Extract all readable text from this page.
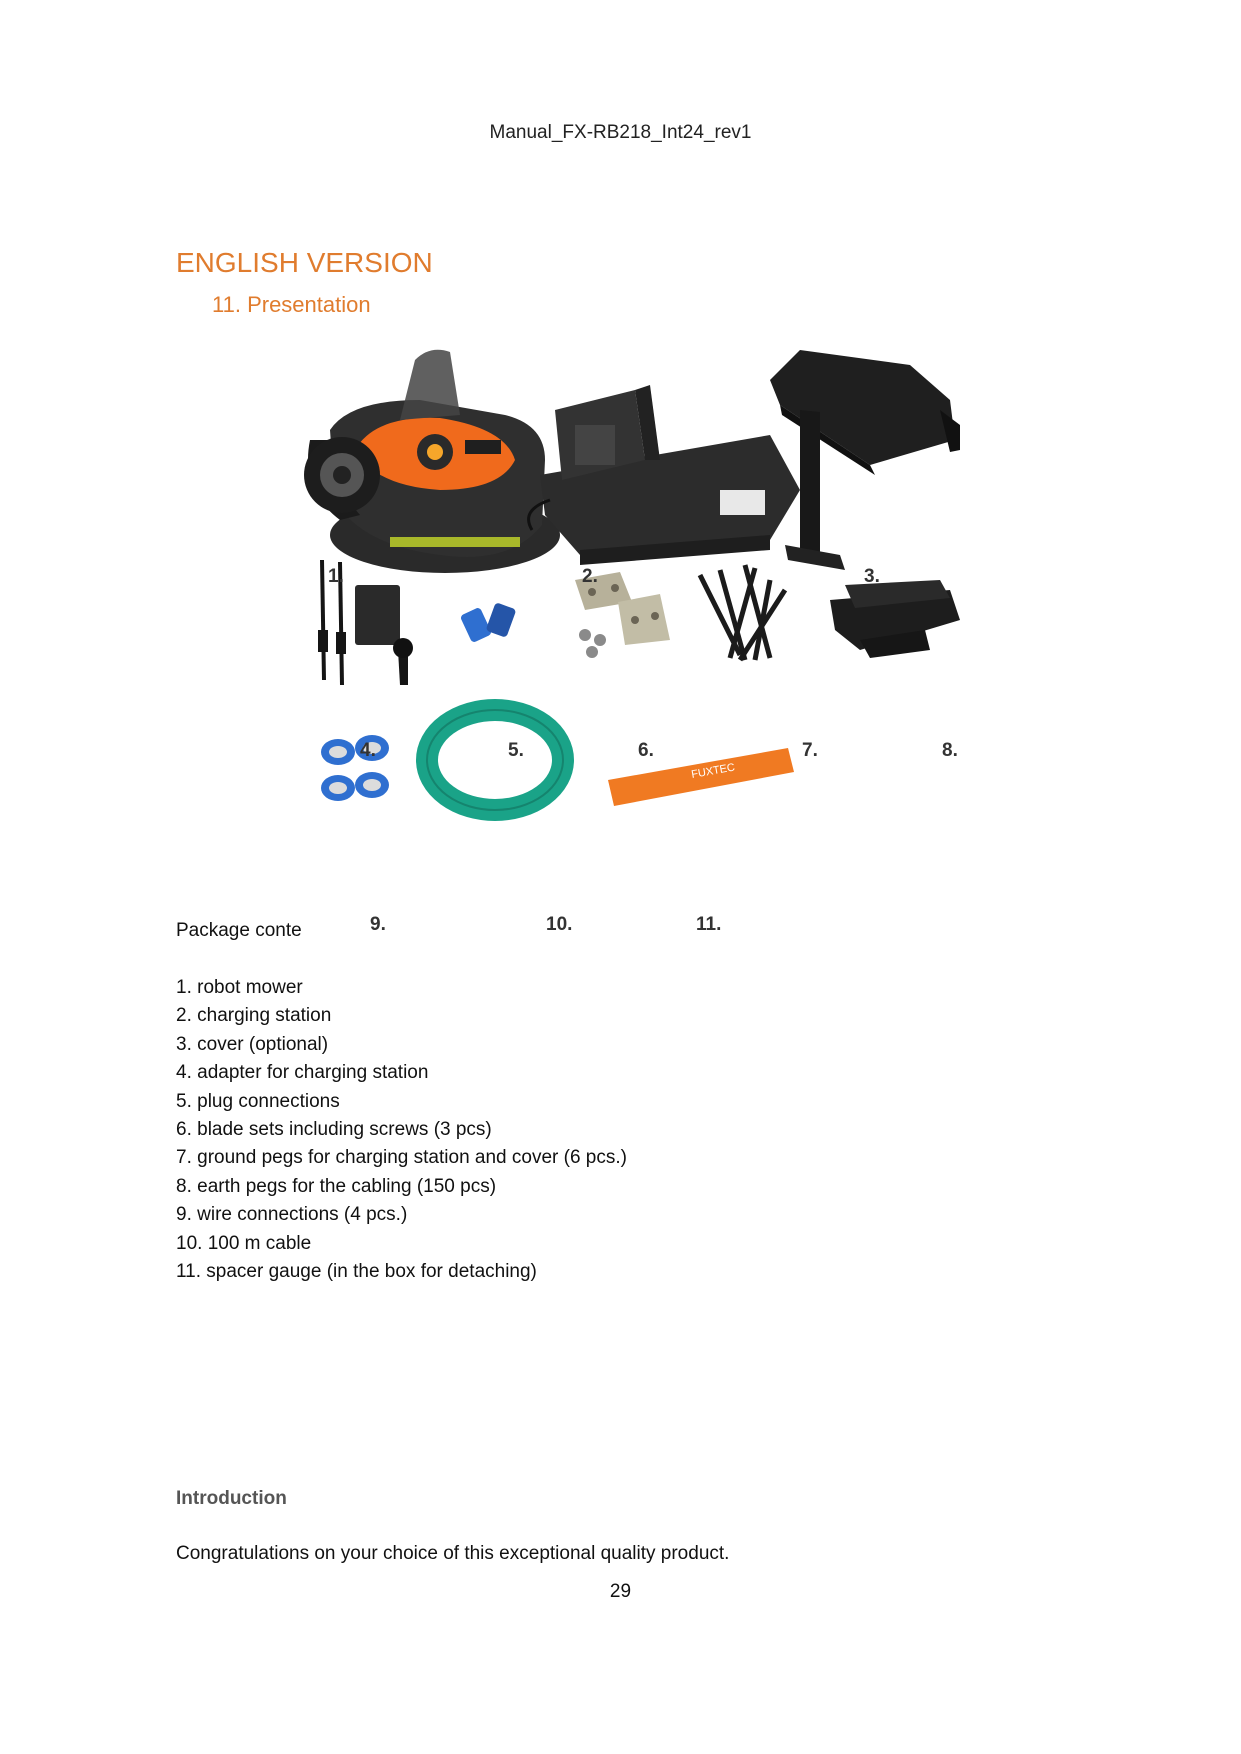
Manual_FX-RB218_Int24_rev1
ENGLISH VERSION
11. Presentation
FUXTEC
1.	2.	3.
4.	5.	6.	7.	8.
9.	10.	11.
Package conte
1. robot mower
2. charging station
3. cover (optional)
4. adapter for charging station
5. plug connections
6. blade sets including screws (3 pcs)
7. ground pegs for charging station and cover (6 pcs.)
8. earth pegs for the cabling (150 pcs)
9. wire connections (4 pcs.)
10. 100 m cable
11. spacer gauge (in the box for detaching)
Introduction
Congratulations on your choice of this exceptional quality product.
29
